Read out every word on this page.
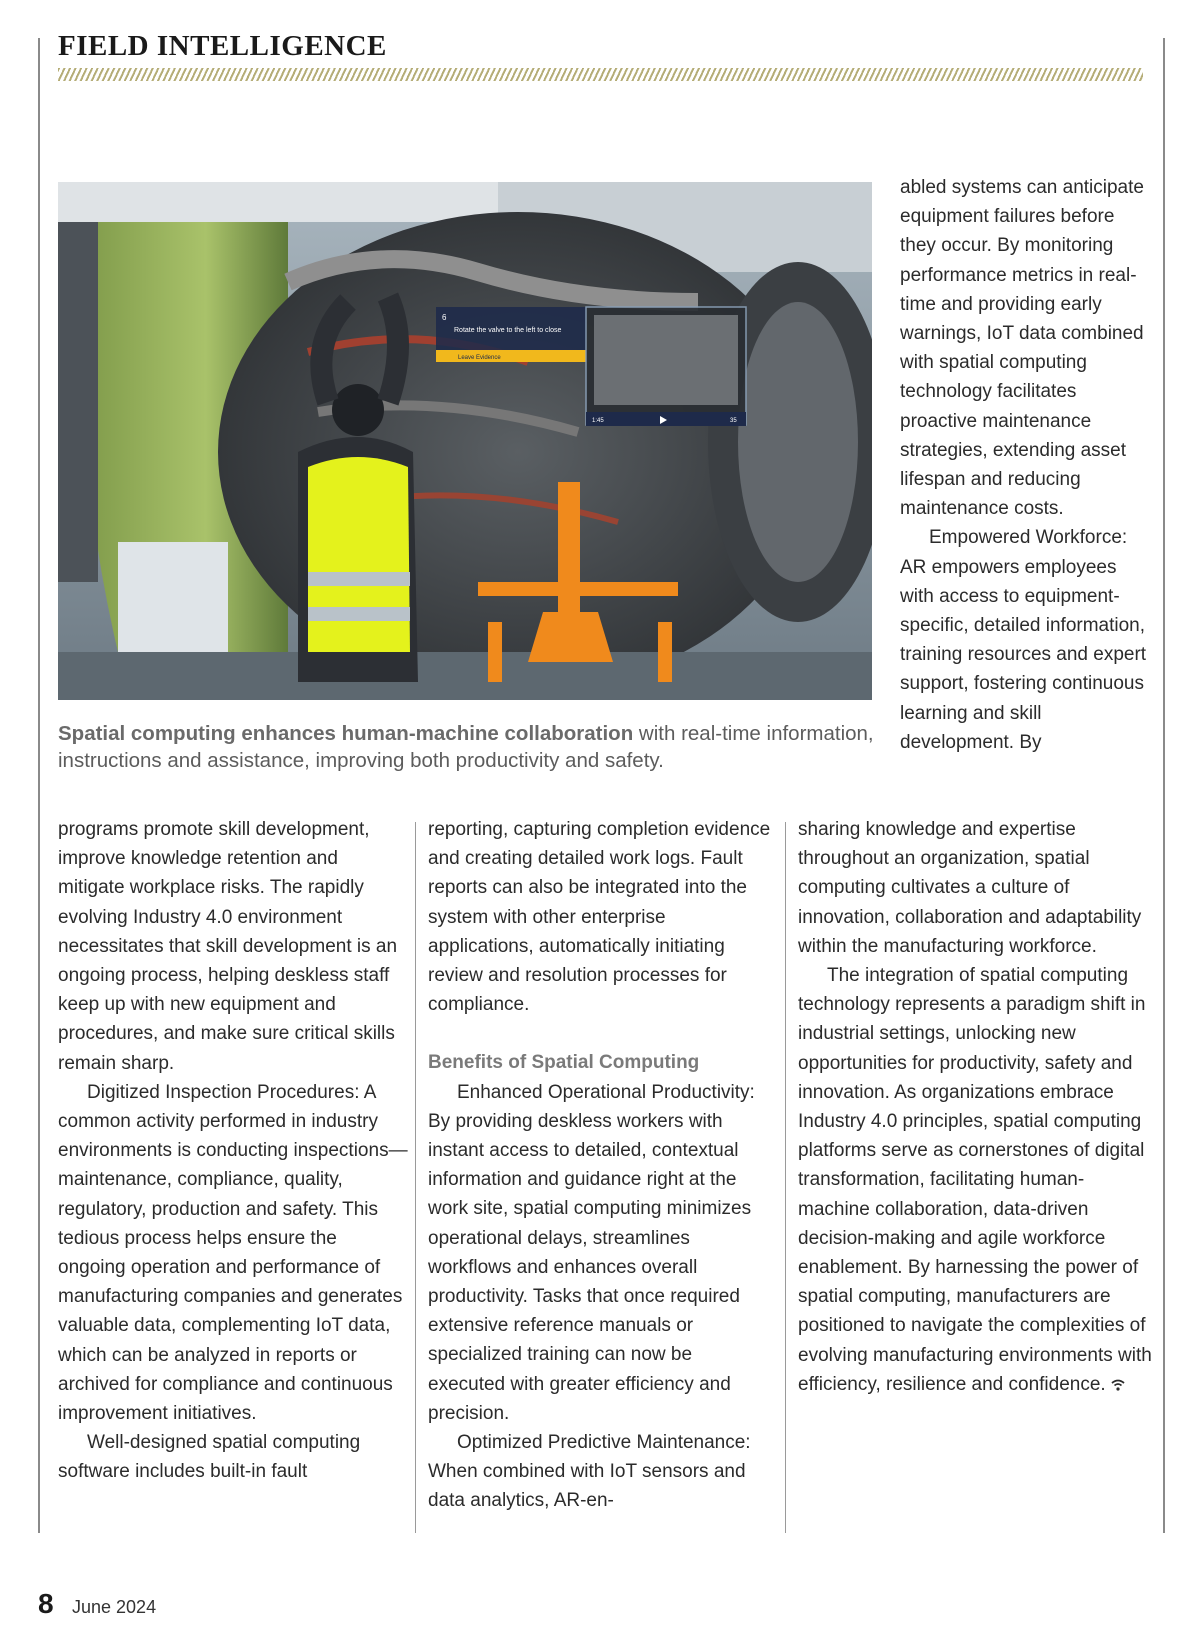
FIELD INTELLIGENCE
6
Rotate the valve to the left to close
Leave Evidence
1:45	35

Spatial computing enhances human-machine collaboration with real-time information, instructions and assistance, improving both productivity and safety.

abled systems can anticipate equipment failures before they occur. By monitoring performance metrics in real-time and providing early warnings, IoT data combined with spatial computing technology facilitates proactive maintenance strategies, extending asset lifespan and reducing maintenance costs.

Empowered Workforce: AR empowers employees with access to equipment-specific, detailed information, training resources and expert support, fostering continuous learning and skill development. By

programs promote skill development, improve knowledge retention and mitigate workplace risks. The rapidly evolving Industry 4.0 environment necessitates that skill development is an ongoing process, helping deskless staff keep up with new equipment and procedures, and make sure critical skills remain sharp.

Digitized Inspection Procedures: A common activity performed in industry environments is conducting inspections—maintenance, compliance, quality, regulatory, production and safety. This tedious process helps ensure the ongoing operation and performance of manufacturing companies and generates valuable data, complementing IoT data, which can be analyzed in reports or archived for compliance and continuous improvement initiatives.

Well-designed spatial computing software includes built-in fault

reporting, capturing completion evidence and creating detailed work logs. Fault reports can also be integrated into the system with other enterprise applications, automatically initiating review and resolution processes for compliance.

Benefits of Spatial Computing

Enhanced Operational Productivity: By providing deskless workers with instant access to detailed, contextual information and guidance right at the work site, spatial computing minimizes operational delays, streamlines workflows and enhances overall productivity. Tasks that once required extensive reference manuals or specialized training can now be executed with greater efficiency and precision.

Optimized Predictive Maintenance: When combined with IoT sensors and data analytics, AR-en-

sharing knowledge and expertise throughout an organization, spatial computing cultivates a culture of innovation, collaboration and adaptability within the manufacturing workforce.

The integration of spatial computing technology represents a paradigm shift in industrial settings, unlocking new opportunities for productivity, safety and innovation. As organizations embrace Industry 4.0 principles, spatial computing platforms serve as cornerstones of digital transformation, facilitating human-machine collaboration, data-driven decision-making and agile workforce enablement. By harnessing the power of spatial computing, manufacturers are positioned to navigate the complexities of evolving manufacturing environments with efficiency, resilience and confidence.

8 June 2024
